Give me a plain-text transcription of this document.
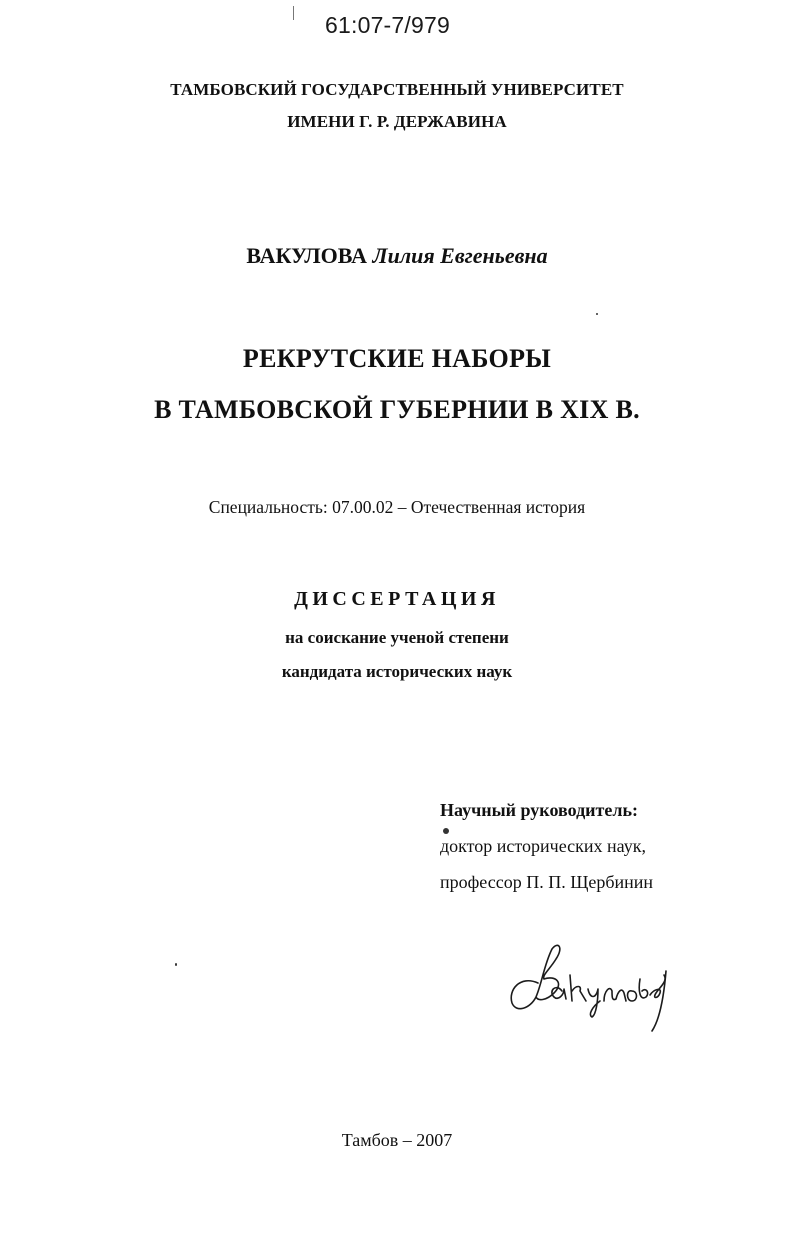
61:07-7/979
ТАМБОВСКИЙ ГОСУДАРСТВЕННЫЙ УНИВЕРСИТЕТ
ИМЕНИ Г. Р. ДЕРЖАВИНА
ВАКУЛОВА Лилия Евгеньевна
РЕКРУТСКИЕ НАБОРЫ
В ТАМБОВСКОЙ ГУБЕРНИИ В XIX В.
Специальность: 07.00.02 – Отечественная история
ДИССЕРТАЦИЯ
на соискание ученой степени
кандидата исторических наук
Научный руководитель:
доктор исторических наук,
профессор П. П. Щербинин
Тамбов – 2007
